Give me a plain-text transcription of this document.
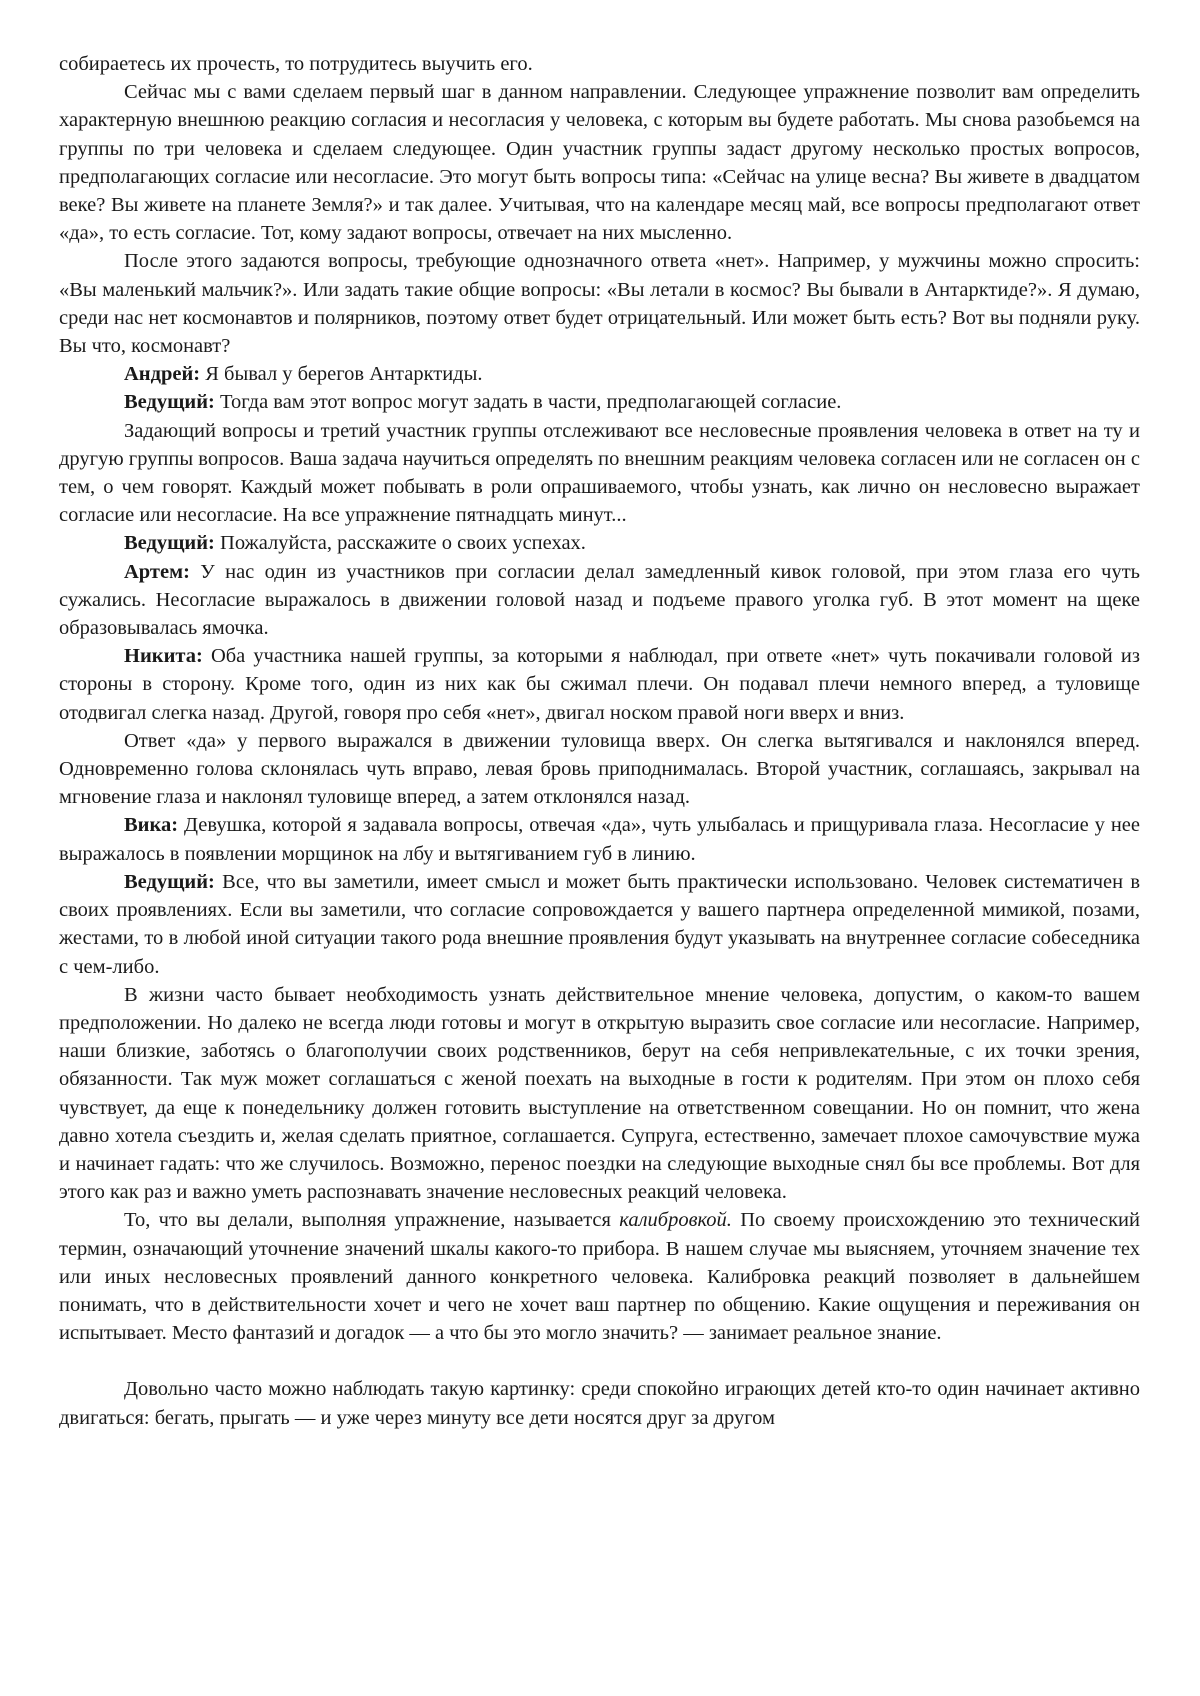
собираетесь их прочесть, то потрудитесь выучить его.

Сейчас мы с вами сделаем первый шаг в данном направлении. Следующее упражнение позволит вам определить характерную внешнюю реакцию согласия и несогласия у человека, с которым вы будете работать. Мы снова разобьемся на группы по три человека и сделаем следующее. Один участник группы задаст другому несколько простых вопросов, предполагающих согласие или несогласие. Это могут быть вопросы типа: «Сейчас на улице весна? Вы живете в двадцатом веке? Вы живете на планете Земля?» и так далее. Учитывая, что на календаре месяц май, все вопросы предполагают ответ «да», то есть согласие. Тот, кому задают вопросы, отвечает на них мысленно.

После этого задаются вопросы, требующие однозначного ответа «нет». Например, у мужчины можно спросить: «Вы маленький мальчик?». Или задать такие общие вопросы: «Вы летали в космос? Вы бывали в Антарктиде?». Я думаю, среди нас нет космонавтов и полярников, поэтому ответ будет отрицательный. Или может быть есть? Вот вы подняли руку. Вы что, космонавт?

Андрей: Я бывал у берегов Антарктиды.

Ведущий: Тогда вам этот вопрос могут задать в части, предполагающей согласие.

Задающий вопросы и третий участник группы отслеживают все несловесные проявления человека в ответ на ту и другую группы вопросов. Ваша задача научиться определять по внешним реакциям человека согласен или не согласен он с тем, о чем говорят. Каждый может побывать в роли опрашиваемого, чтобы узнать, как лично он несловесно выражает согласие или несогласие. На все упражнение пятнадцать минут...

Ведущий: Пожалуйста, расскажите о своих успехах.

Артем: У нас один из участников при согласии делал замедленный кивок головой, при этом глаза его чуть сужались. Несогласие выражалось в движении головой назад и подъеме правого уголка губ. В этот момент на щеке образовывалась ямочка.

Никита: Оба участника нашей группы, за которыми я наблюдал, при ответе «нет» чуть покачивали головой из стороны в сторону. Кроме того, один из них как бы сжимал плечи. Он подавал плечи немного вперед, а туловище отодвигал слегка назад. Другой, говоря про себя «нет», двигал носком правой ноги вверх и вниз.

Ответ «да» у первого выражался в движении туловища вверх. Он слегка вытягивался и наклонялся вперед. Одновременно голова склонялась чуть вправо, левая бровь приподнималась. Второй участник, соглашаясь, закрывал на мгновение глаза и наклонял туловище вперед, а затем отклонялся назад.

Вика: Девушка, которой я задавала вопросы, отвечая «да», чуть улыбалась и прищуривала глаза. Несогласие у нее выражалось в появлении морщинок на лбу и вытягиванием губ в линию.

Ведущий: Все, что вы заметили, имеет смысл и может быть практически использовано. Человек систематичен в своих проявлениях. Если вы заметили, что согласие сопровождается у вашего партнера определенной мимикой, позами, жестами, то в любой иной ситуации такого рода внешние проявления будут указывать на внутреннее согласие собеседника с чем-либо.

В жизни часто бывает необходимость узнать действительное мнение человека, допустим, о каком-то вашем предположении. Но далеко не всегда люди готовы и могут в открытую выразить свое согласие или несогласие. Например, наши близкие, заботясь о благополучии своих родственников, берут на себя непривлекательные, с их точки зрения, обязанности. Так муж может соглашаться с женой поехать на выходные в гости к родителям. При этом он плохо себя чувствует, да еще к понедельнику должен готовить выступление на ответственном совещании. Но он помнит, что жена давно хотела съездить и, желая сделать приятное, соглашается. Супруга, естественно, замечает плохое самочувствие мужа и начинает гадать: что же случилось. Возможно, перенос поездки на следующие выходные снял бы все проблемы. Вот для этого как раз и важно уметь распознавать значение несловесных реакций человека.

То, что вы делали, выполняя упражнение, называется калибровкой. По своему происхождению это технический термин, означающий уточнение значений шкалы какого-то прибора. В нашем случае мы выясняем, уточняем значение тех или иных несловесных проявлений данного конкретного человека. Калибровка реакций позволяет в дальнейшем понимать, что в действительности хочет и чего не хочет ваш партнер по общению. Какие ощущения и переживания он испытывает. Место фантазий и догадок — а что бы это могло значить? — занимает реальное знание.

Довольно часто можно наблюдать такую картинку: среди спокойно играющих детей кто-то один начинает активно двигаться: бегать, прыгать — и уже через минуту все дети носятся друг за другом
